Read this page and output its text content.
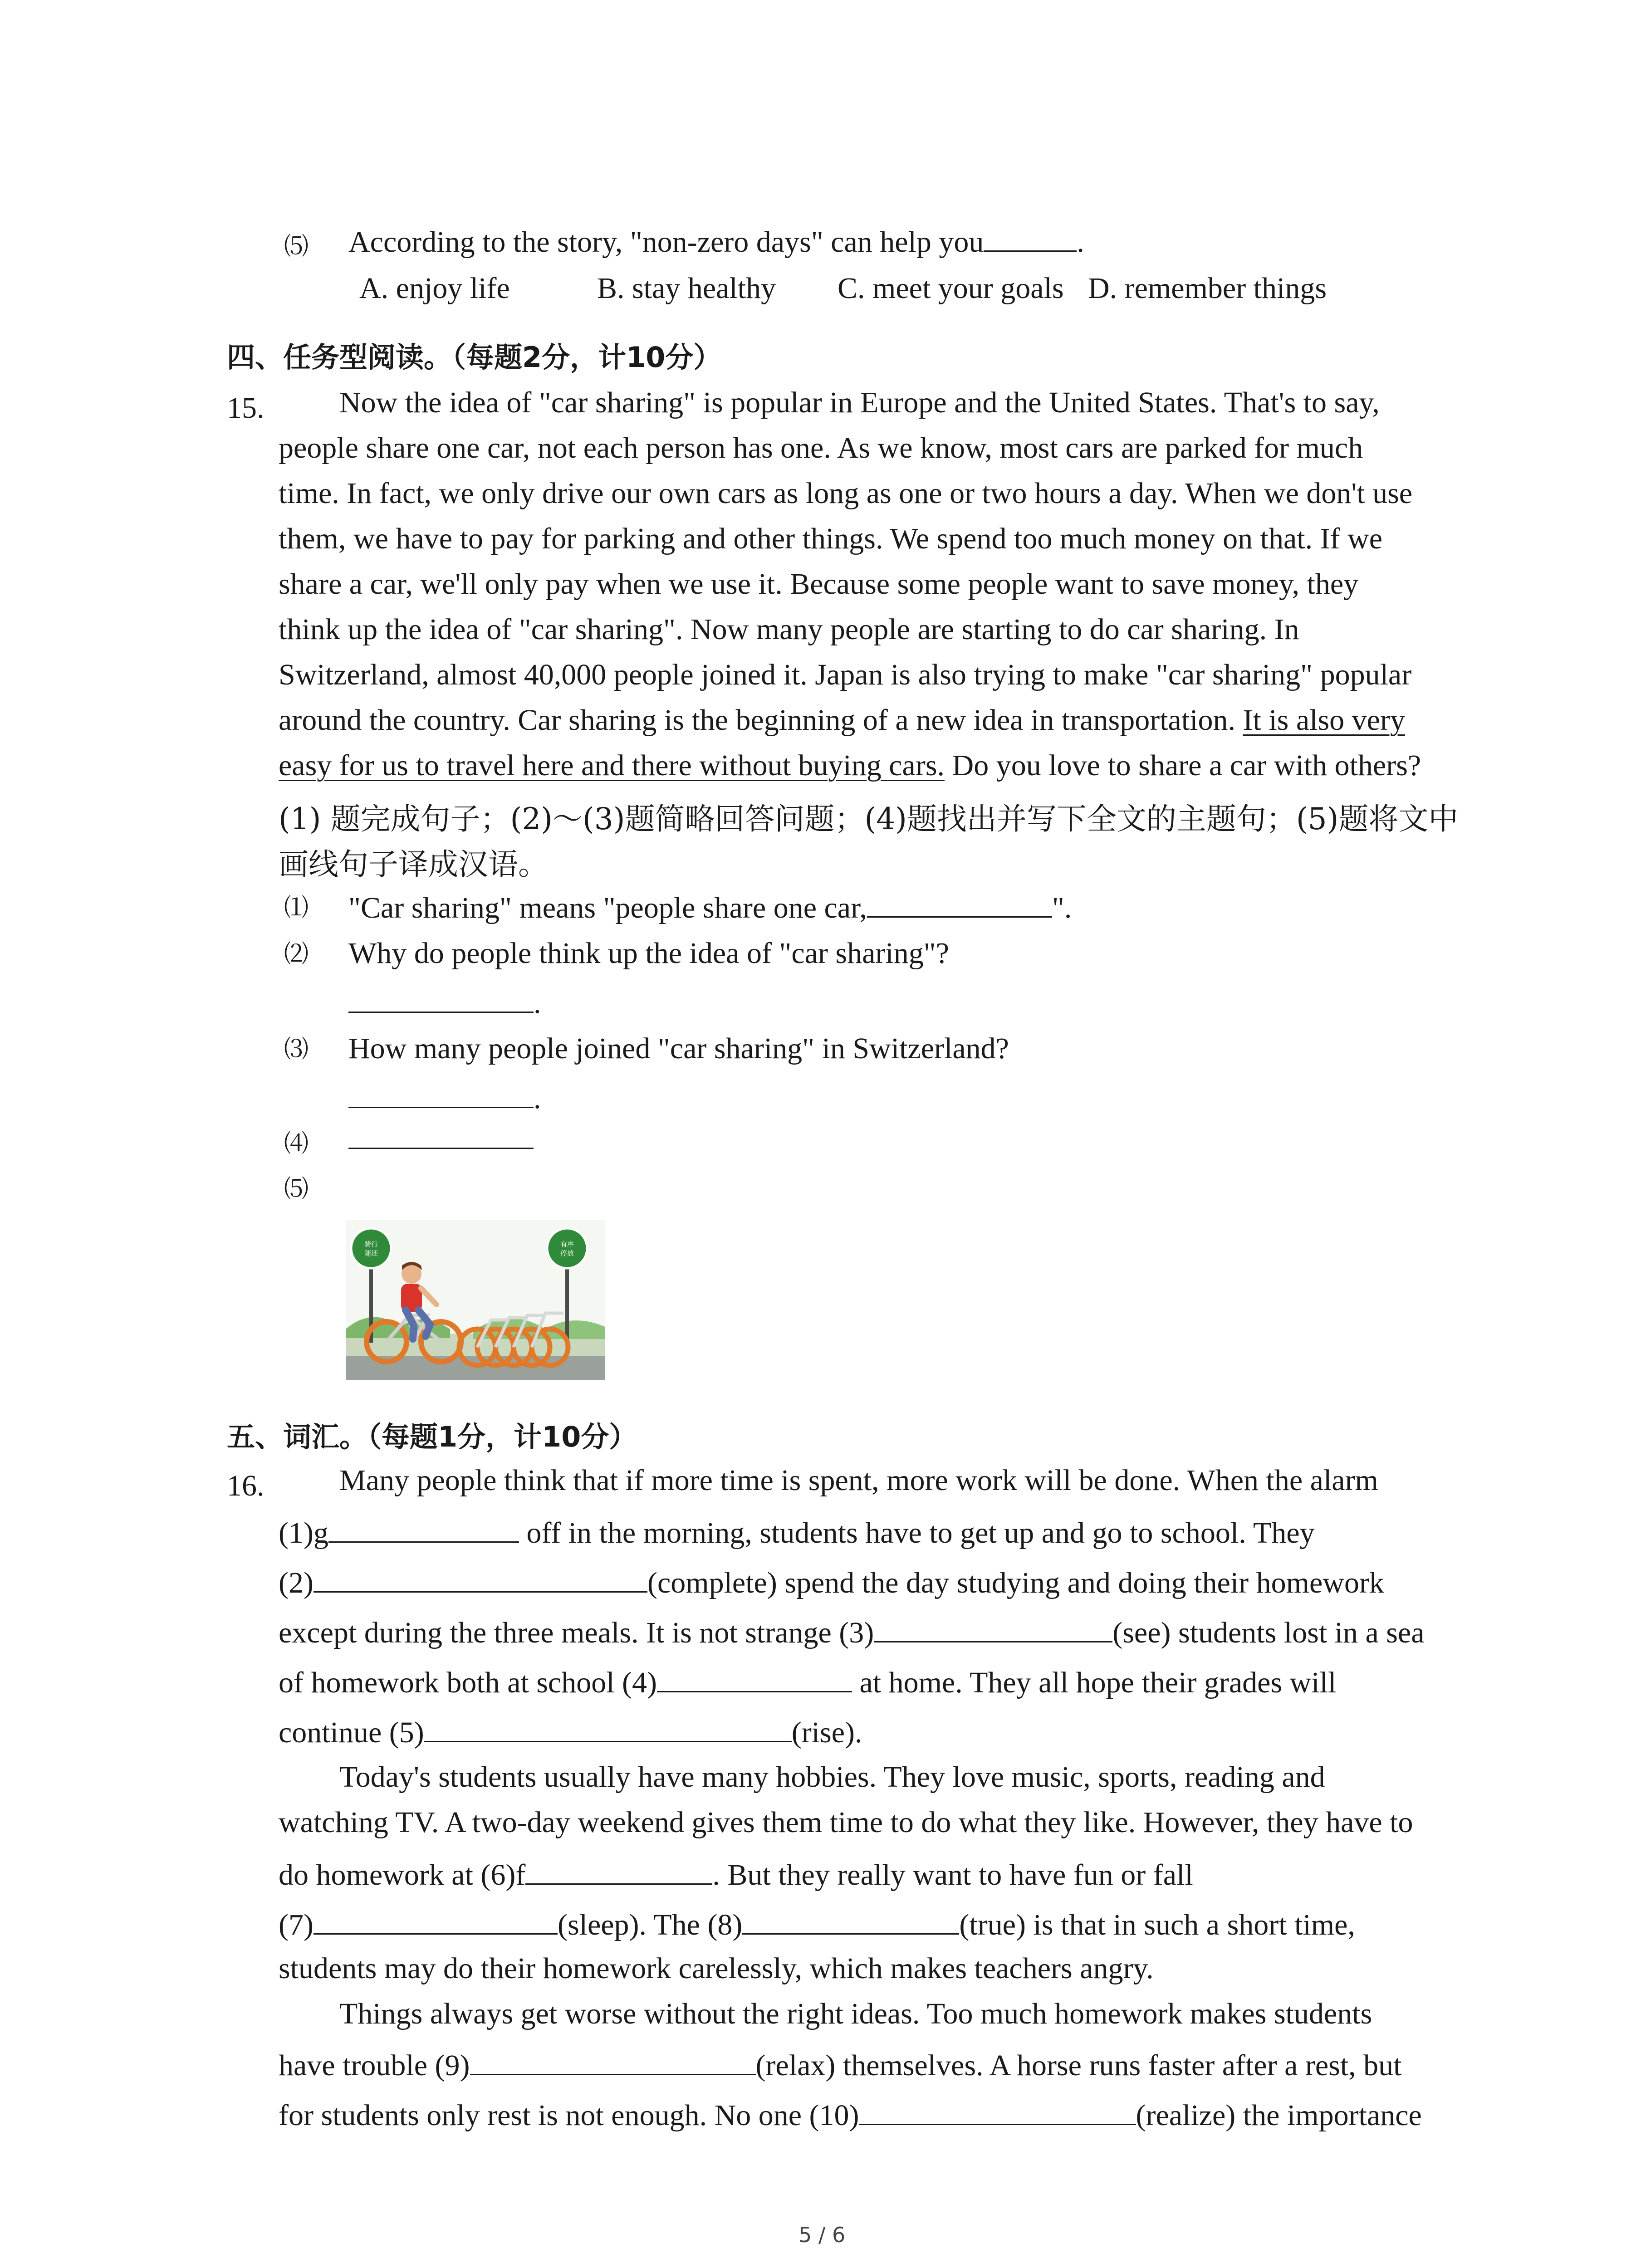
⑸ According to the story, "non-zero days" can help you	.
A. enjoy life	B. stay healthy C. meet your goals D. remember things
四、任务型阅读。（每题2分，计10分）
15.	Now the idea of "car sharing" is popular in Europe and the United States. That's to say,
people share one car, not each person has one. As we know, most cars are parked for much
time. In fact, we only drive our own cars as long as one or two hours a day. When we don't use
them, we have to pay for parking and other things. We spend too much money on that. If we
share a car, we'll only pay when we use it. Because some people want to save money, they
think up the idea of "car sharing". Now many people are starting to do car sharing. In
Switzerland, almost 40,000 people joined it. Japan is also trying to make "car sharing" popular
around the country. Car sharing is the beginning of a new idea in transportation. It is also very
easy for us to travel here and there without buying cars. Do you love to share a car with others?
(1) 题完成句子；(2)～(3)题简略回答问题；(4)题找出并写下全文的主题句；(5)题将文中
画线句子译成汉语。
⑴ "Car sharing" means "people share one car,	".
⑵ Why do people think up the idea of "car sharing"?
.
⑶ How many people joined "car sharing" in Switzerland?
.
⑷
⑸
骑行
随还
有序
停放
五、词汇。（每题1分，计10分）
16.	Many people think that if more time is spent, more work will be done. When the alarm
(1)g	off in the morning, students have to get up and go to school. They
(2)	(complete) spend the day studying and doing their homework
except during the three meals. It is not strange (3)	(see) students lost in a sea
of homework both at school (4)	at home. They all hope their grades will
continue (5)	(rise).
Today's students usually have many hobbies. They love music, sports, reading and
watching TV. A two-day weekend gives them time to do what they like. However, they have to
do homework at (6)f	. But they really want to have fun or fall
(7)	(sleep). The (8)	(true) is that in such a short time,
students may do their homework carelessly, which makes teachers angry.
Things always get worse without the right ideas. Too much homework makes students
have trouble (9)	(relax) themselves. A horse runs faster after a rest, but
for students only rest is not enough. No one (10)	(realize) the importance
5 / 6
